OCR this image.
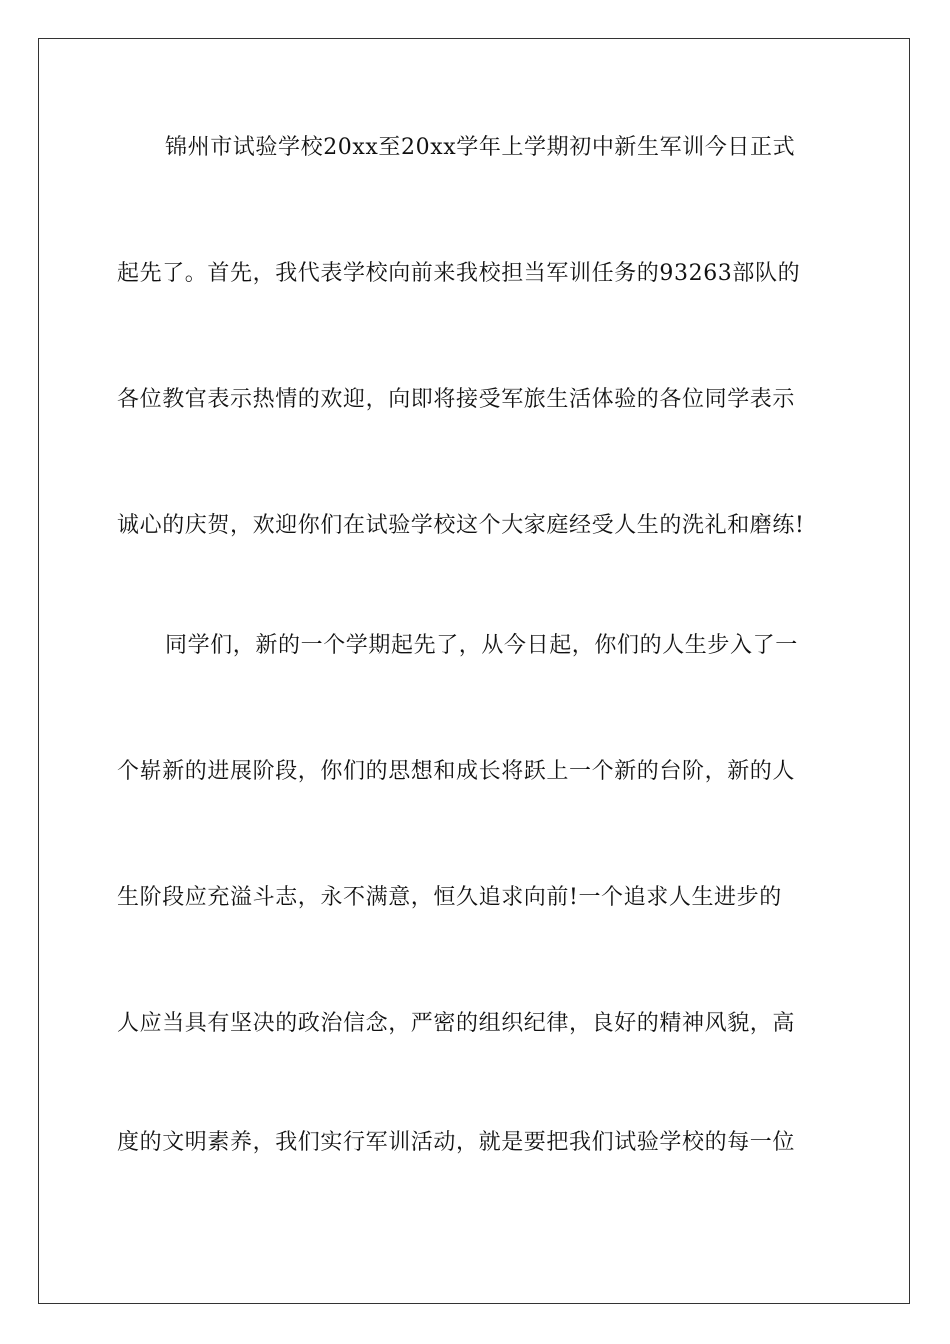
锦州市试验学校20xx至20xx学年上学期初中新生军训今日正式
起先了。首先，我代表学校向前来我校担当军训任务的93263部队的
各位教官表示热情的欢迎，向即将接受军旅生活体验的各位同学表示
诚心的庆贺，欢迎你们在试验学校这个大家庭经受人生的洗礼和磨练!
同学们，新的一个学期起先了，从今日起，你们的人生步入了一
个崭新的进展阶段，你们的思想和成长将跃上一个新的台阶，新的人
生阶段应充溢斗志，永不满意，恒久追求向前!一个追求人生进步的
人应当具有坚决的政治信念，严密的组织纪律，良好的精神风貌，高
度的文明素养，我们实行军训活动，就是要把我们试验学校的每一位
